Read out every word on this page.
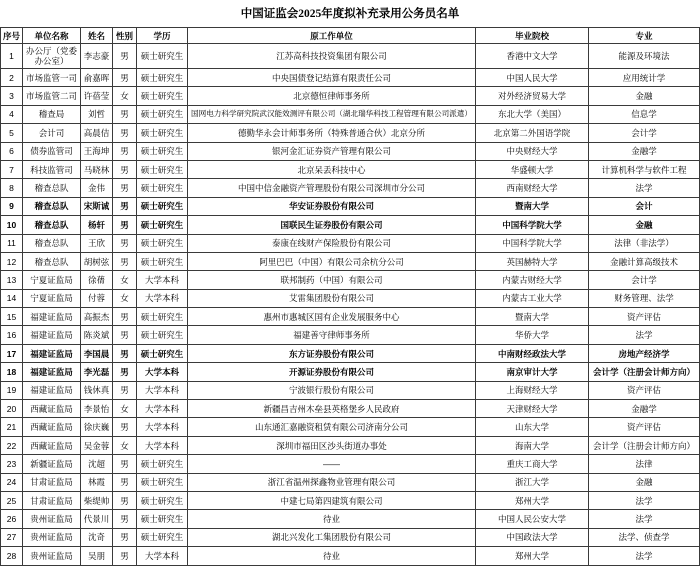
中国证监会2025年度拟补充录用公务员名单
序号	单位名称	姓名	性别	学历	原工作单位	毕业院校	专业
1	办公厅（党委办公室）	李志豪	男	硕士研究生	江苏高科技投资集团有限公司	香港中文大学	能源及环境法
2	市场监管一司	俞嘉晖	男	硕士研究生	中央国债登记结算有限责任公司	中国人民大学	应用统计学
3	市场监管二司	许蓓莹	女	硕士研究生	北京德恒律师事务所	对外经济贸易大学	金融
4	稽查局	刘哲	男	硕士研究生	国网电力科学研究院武汉能效测评有限公司（湖北瑞华科技工程管理有限公司派遣）	东北大学（美国）	信息学
5	会计司	高晨佶	男	硕士研究生	德勤华永会计师事务所（特殊普通合伙）北京分所	北京第二外国语学院	会计学
6	债券监管司	王海坤	男	硕士研究生	银河金汇证券资产管理有限公司	中央财经大学	金融学
7	科技监管司	马晓林	男	硕士研究生	北京呆丢科技中心	华盛顿大学	计算机科学与软件工程
8	稽查总队	金伟	男	硕士研究生	中国中信金融资产管理股份有限公司深圳市分公司	西南财经大学	法学
9	稽查总队	宋斯诚	男	硕士研究生	华安证券股份有限公司	暨南大学	会计
10	稽查总队	杨轩	男	硕士研究生	国联民生证券股份有限公司	中国科学院大学	金融
11	稽查总队	王欣	男	硕士研究生	泰康在线财产保险股份有限公司	中国科学院大学	法律（非法学）
12	稽查总队	胡树弦	男	硕士研究生	阿里巴巴（中国）有限公司余杭分公司	英国赫特大学	金融计算高级技术
13	宁夏证监局	徐蒨	女	大学本科	联邦制药（中国）有限公司	内蒙古财经大学	会计学
14	宁夏证监局	付蓉	女	大学本科	艾雷集团股份有限公司	内蒙古工业大学	财务管理、法学
15	福建证监局	高振杰	男	硕士研究生	惠州市惠城区国有企业发展服务中心	暨南大学	资产评估
16	福建证监局	陈炎斌	男	硕士研究生	福建善守律师事务所	华侨大学	法学
17	福建证监局	李国晨	男	硕士研究生	东方证券股份有限公司	中南财经政法大学	房地产经济学
18	福建证监局	李光磊	男	大学本科	开源证券股份有限公司	南京审计大学	会计学（注册会计师方向）
19	福建证监局	钱休真	男	大学本科	宁波银行股份有限公司	上海财经大学	资产评估
20	西藏证监局	李景怡	女	大学本科	新疆昌吉州木垒县英格堡乡人民政府	天津财经大学	金融学
21	西藏证监局	徐庆巍	男	大学本科	山东通汇嘉融资租赁有限公司济南分公司	山东大学	资产评估
22	西藏证监局	吴金蓉	女	大学本科	深圳市福田区沙头街道办事处	海南大学	会计学（注册会计师方向）
23	新疆证监局	沈超	男	硕士研究生	——	重庆工商大学	法律
24	甘肃证监局	林霞	男	硕士研究生	浙江省温州探鑫物业管理有限公司	浙江大学	金融
25	甘肃证监局	柴缇帅	男	硕士研究生	中建七局第四建筑有限公司	郑州大学	法学
26	贵州证监局	代景川	男	硕士研究生	待业	中国人民公安大学	法学
27	贵州证监局	沈奇	男	硕士研究生	湖北兴发化工集团股份有限公司	中国政法大学	法学、侦查学
28	贵州证监局	吴朋	男	大学本科	待业	郑州大学	法学
